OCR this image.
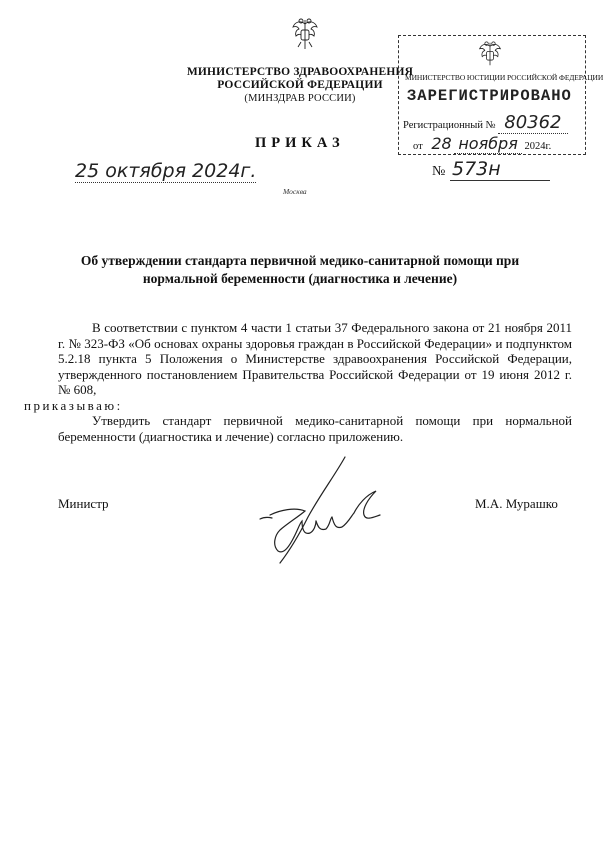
МИНИСТЕРСТВО ЗДРАВООХРАНЕНИЯ
РОССИЙСКОЙ ФЕДЕРАЦИИ
(МИНЗДРАВ РОССИИ)
МИНИСТЕРСТВО ЮСТИЦИИ РОССИЙСКОЙ ФЕДЕРАЦИИ
ЗАРЕГИСТРИРОВАНО
Регистрационный № 80362
от 28 ноября 2024г.
ПРИКАЗ
25 октября 2024г.
Москва
№ 573н
Об утверждении стандарта первичной медико-санитарной помощи при
нормальной беременности (диагностика и лечение)

В соответствии с пунктом 4 части 1 статьи 37 Федерального закона от 21 ноября 2011 г. № 323-ФЗ «Об основах охраны здоровья граждан в Российской Федерации» и подпунктом 5.2.18 пункта 5 Положения о Министерстве здравоохранения Российской Федерации, утвержденного постановлением Правительства Российской Федерации от 19 июня 2012 г. № 608,
приказываю:

Утвердить стандарт первичной медико-санитарной помощи при нормальной беременности (диагностика и лечение) согласно приложению.

Министр	М.А. Мурашко
